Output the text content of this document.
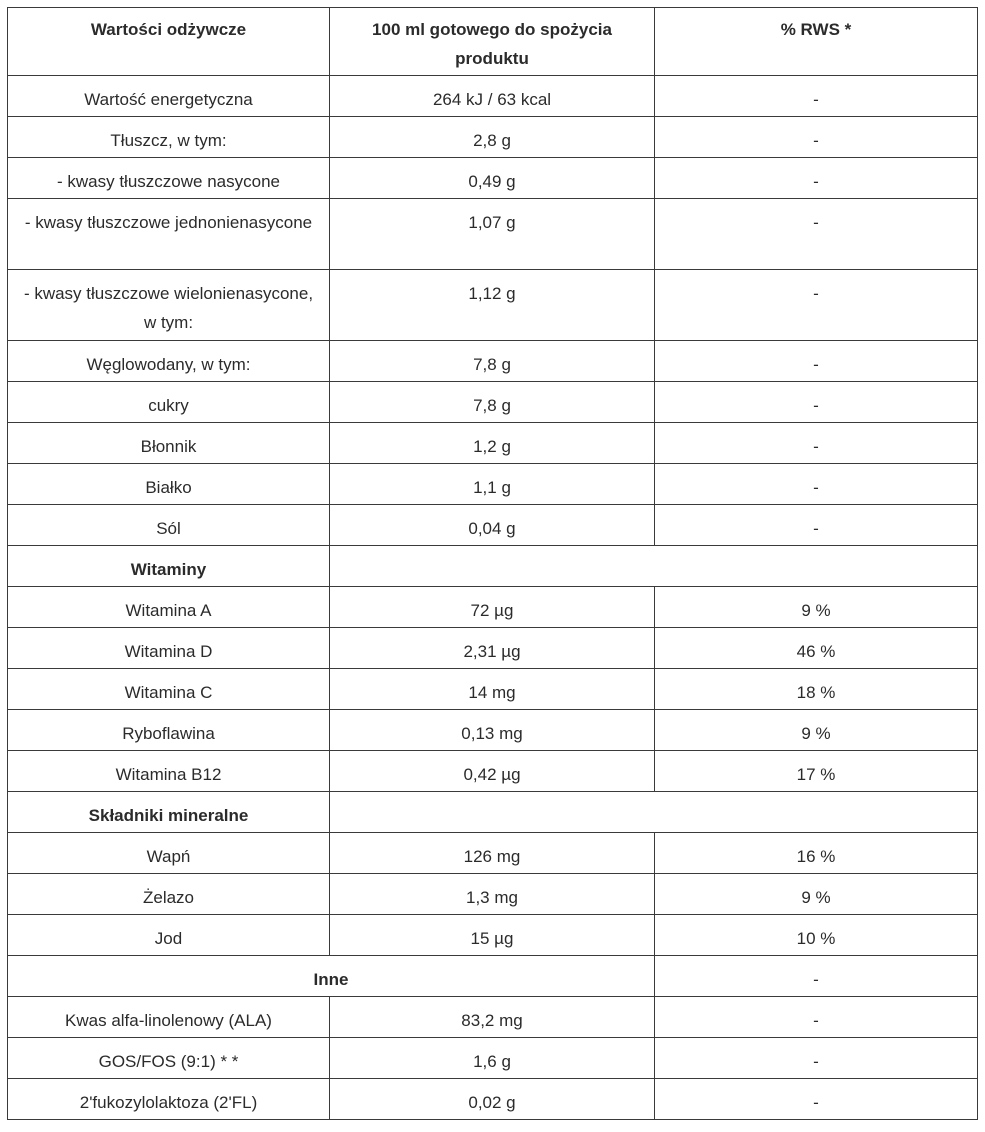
Wartości odżywcze	100 ml gotowego do spożycia produktu	% RWS *
Wartość energetyczna	264 kJ / 63 kcal	-
Tłuszcz, w tym:	2,8 g	-
- kwasy tłuszczowe nasycone	0,49 g	-
- kwasy tłuszczowe jednonienasycone	1,07 g	-
- kwasy tłuszczowe wielonienasycone, w tym:	1,12 g	-
Węglowodany, w tym:	7,8 g	-
cukry	7,8 g	-
Błonnik	1,2 g	-
Białko	1,1 g	-
Sól	0,04 g	-
Witaminy		
Witamina A	72 µg	9 %
Witamina D	2,31 µg	46 %
Witamina C	14 mg	18 %
Ryboflawina	0,13 mg	9 %
Witamina B12	0,42 µg	17 %
Składniki mineralne		
Wapń	126 mg	16 %
Żelazo	1,3 mg	9 %
Jod	15 µg	10 %
Inne		-
Kwas alfa-linolenowy (ALA)	83,2 mg	-
GOS/FOS (9:1) * *	1,6 g	-
2'fukozylolaktoza (2'FL)	0,02 g	-
